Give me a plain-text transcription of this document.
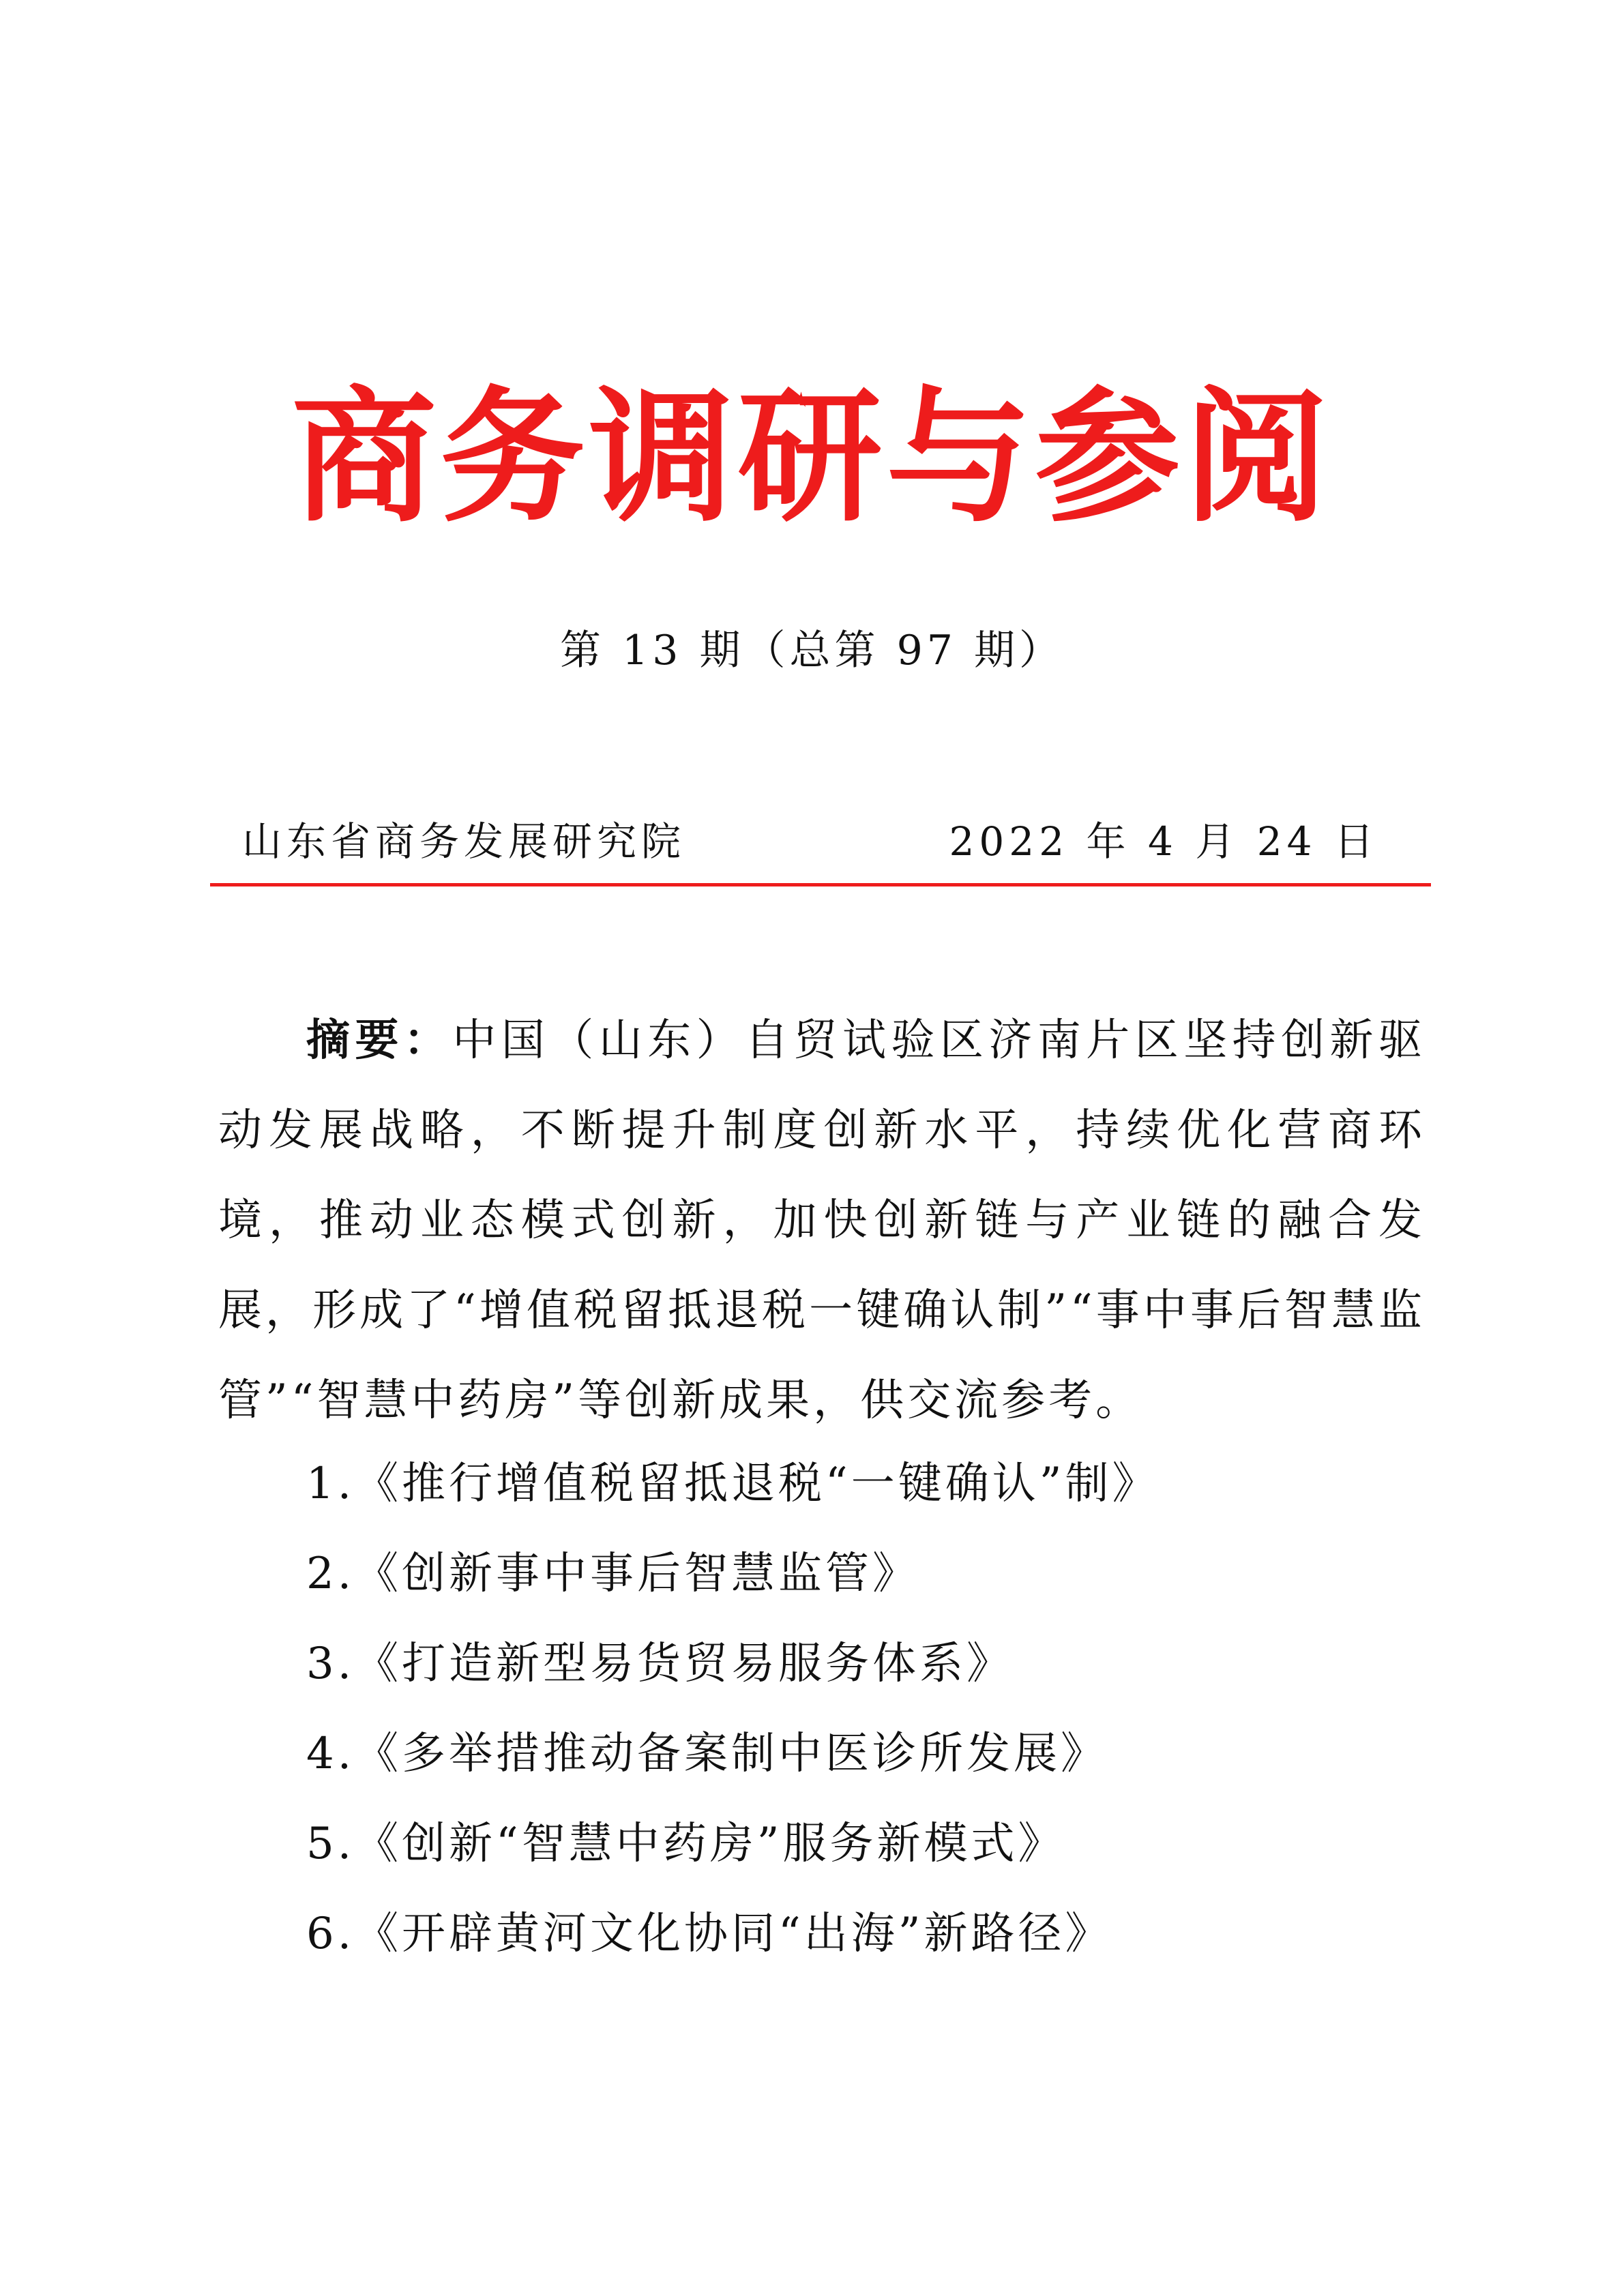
商务调研与参阅
第 13 期（总第 97 期）
山东省商务发展研究院	2022 年 4 月 24 日

摘要：中国（山东）自贸试验区济南片区坚持创新驱动发展战略，不断提升制度创新水平，持续优化营商环境，推动业态模式创新，加快创新链与产业链的融合发展，形成了“增值税留抵退税一键确认制”“事中事后智慧监管”“智慧中药房”等创新成果，供交流参考。

1.《推行增值税留抵退税“一键确认”制》
2.《创新事中事后智慧监管》
3.《打造新型易货贸易服务体系》
4.《多举措推动备案制中医诊所发展》
5.《创新“智慧中药房”服务新模式》
6.《开辟黄河文化协同“出海”新路径》
